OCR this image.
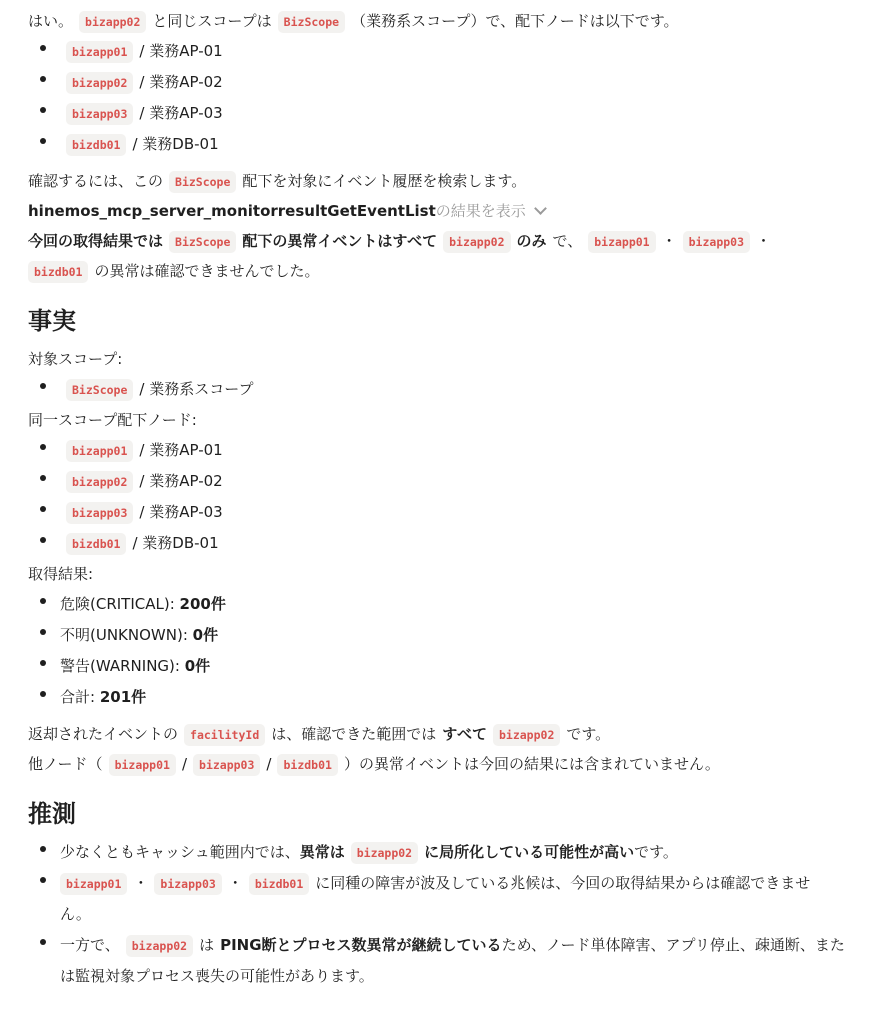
はい。 bizapp02 と同じスコープは BizScope （業務系スコープ）で、配下ノードは以下です。
bizapp01 / 業務AP-01
bizapp02 / 業務AP-02
bizapp03 / 業務AP-03
bizdb01 / 業務DB-01
確認するには、この BizScope 配下を対象にイベント履歴を検索します。
hinemos_mcp_server_monitorresultGetEventListの結果を表示
今回の取得結果では BizScope 配下の異常イベントはすべて bizapp02 のみ で、 bizapp01 ・ bizapp03 ・
bizdb01 の異常は確認できませんでした。
事実
対象スコープ:
BizScope / 業務系スコープ
同一スコープ配下ノード:
bizapp01 / 業務AP-01
bizapp02 / 業務AP-02
bizapp03 / 業務AP-03
bizdb01 / 業務DB-01
取得結果:
危険(CRITICAL): 200件
不明(UNKNOWN): 0件
警告(WARNING): 0件
合計: 201件
返却されたイベントの facilityId は、確認できた範囲では すべて bizapp02 です。
他ノード（ bizapp01 / bizapp03 / bizdb01 ）の異常イベントは今回の結果には含まれていません。
推測
少なくともキャッシュ範囲内では、異常は bizapp02 に局所化している可能性が高いです。
bizapp01 ・ bizapp03 ・ bizdb01 に同種の障害が波及している兆候は、今回の取得結果からは確認できませ
ん。
一方で、 bizapp02 は PING断とプロセス数異常が継続しているため、ノード単体障害、アプリ停止、疎通断、また
は監視対象プロセス喪失の可能性があります。
